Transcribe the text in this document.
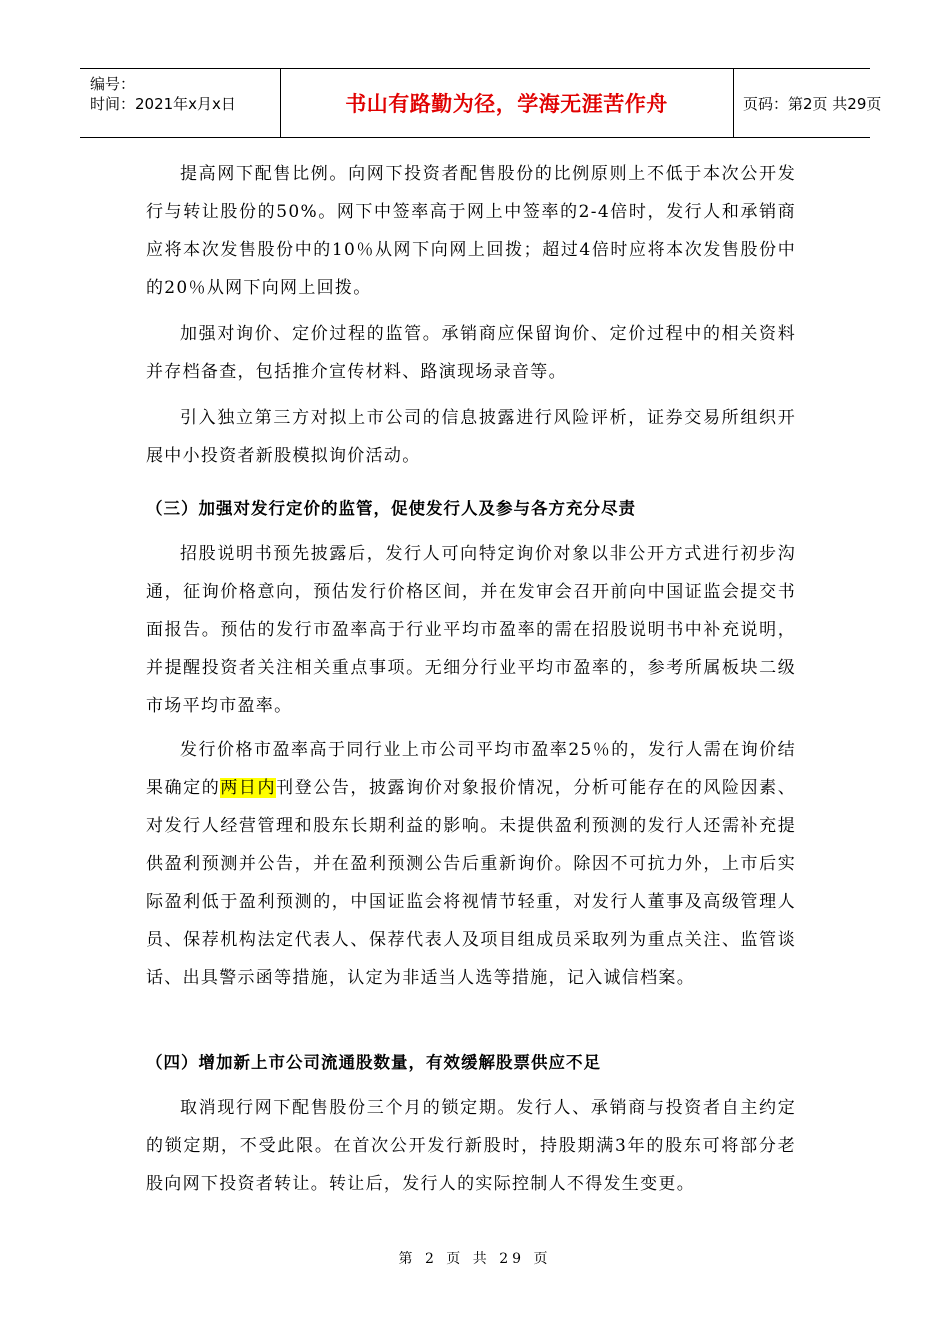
编号：
时间：2021年x月x日	书山有路勤为径，学海无涯苦作舟	页码：第2页 共29页
提高网下配售比例。向网下投资者配售股份的比例原则上不低于本次公开发行与转让股份的50%。网下中签率高于网上中签率的2-4倍时，发行人和承销商应将本次发售股份中的10％从网下向网上回拨；超过4倍时应将本次发售股份中的20％从网下向网上回拨。
加强对询价、定价过程的监管。承销商应保留询价、定价过程中的相关资料并存档备查，包括推介宣传材料、路演现场录音等。
引入独立第三方对拟上市公司的信息披露进行风险评析，证券交易所组织开展中小投资者新股模拟询价活动。
（三）加强对发行定价的监管，促使发行人及参与各方充分尽责
招股说明书预先披露后，发行人可向特定询价对象以非公开方式进行初步沟通，征询价格意向，预估发行价格区间，并在发审会召开前向中国证监会提交书面报告。预估的发行市盈率高于行业平均市盈率的需在招股说明书中补充说明，并提醒投资者关注相关重点事项。无细分行业平均市盈率的，参考所属板块二级市场平均市盈率。
发行价格市盈率高于同行业上市公司平均市盈率25％的，发行人需在询价结果确定的两日内刊登公告，披露询价对象报价情况，分析可能存在的风险因素、对发行人经营管理和股东长期利益的影响。未提供盈利预测的发行人还需补充提供盈利预测并公告，并在盈利预测公告后重新询价。除因不可抗力外，上市后实际盈利低于盈利预测的，中国证监会将视情节轻重，对发行人董事及高级管理人员、保荐机构法定代表人、保荐代表人及项目组成员采取列为重点关注、监管谈话、出具警示函等措施，认定为非适当人选等措施，记入诚信档案。
（四）增加新上市公司流通股数量，有效缓解股票供应不足
取消现行网下配售股份三个月的锁定期。发行人、承销商与投资者自主约定的锁定期，不受此限。在首次公开发行新股时，持股期满3年的股东可将部分老股向网下投资者转让。转让后，发行人的实际控制人不得发生变更。
第 2 页 共 29 页
